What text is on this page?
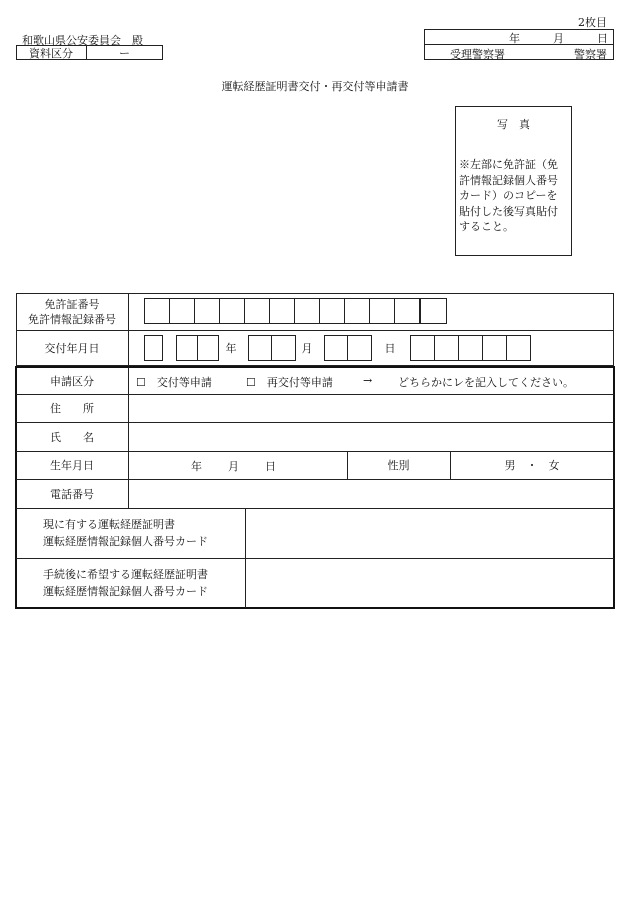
2枚目
和歌山県公安委員会　殿
資料区分	ー
年	月	日
受理警察署	警察署
運転経歴証明書交付・再交付等申請書
写　真
※左部に免許証（免
許情報記録個人番号
カード）のコピーを
貼付した後写真貼付
すること。
免許証番号
免許情報記録番号
交付年月日	年	月	日
申請区分	☐　交付等申請	☐　再交付等申請	→ どちらかにレを記入してください。
住　　所
氏　　名
生年月日	年 月 日	性別	男　・　女
電話番号
現に有する運転経歴証明書
運転経歴情報記録個人番号カード
手続後に希望する運転経歴証明書
運転経歴情報記録個人番号カード
